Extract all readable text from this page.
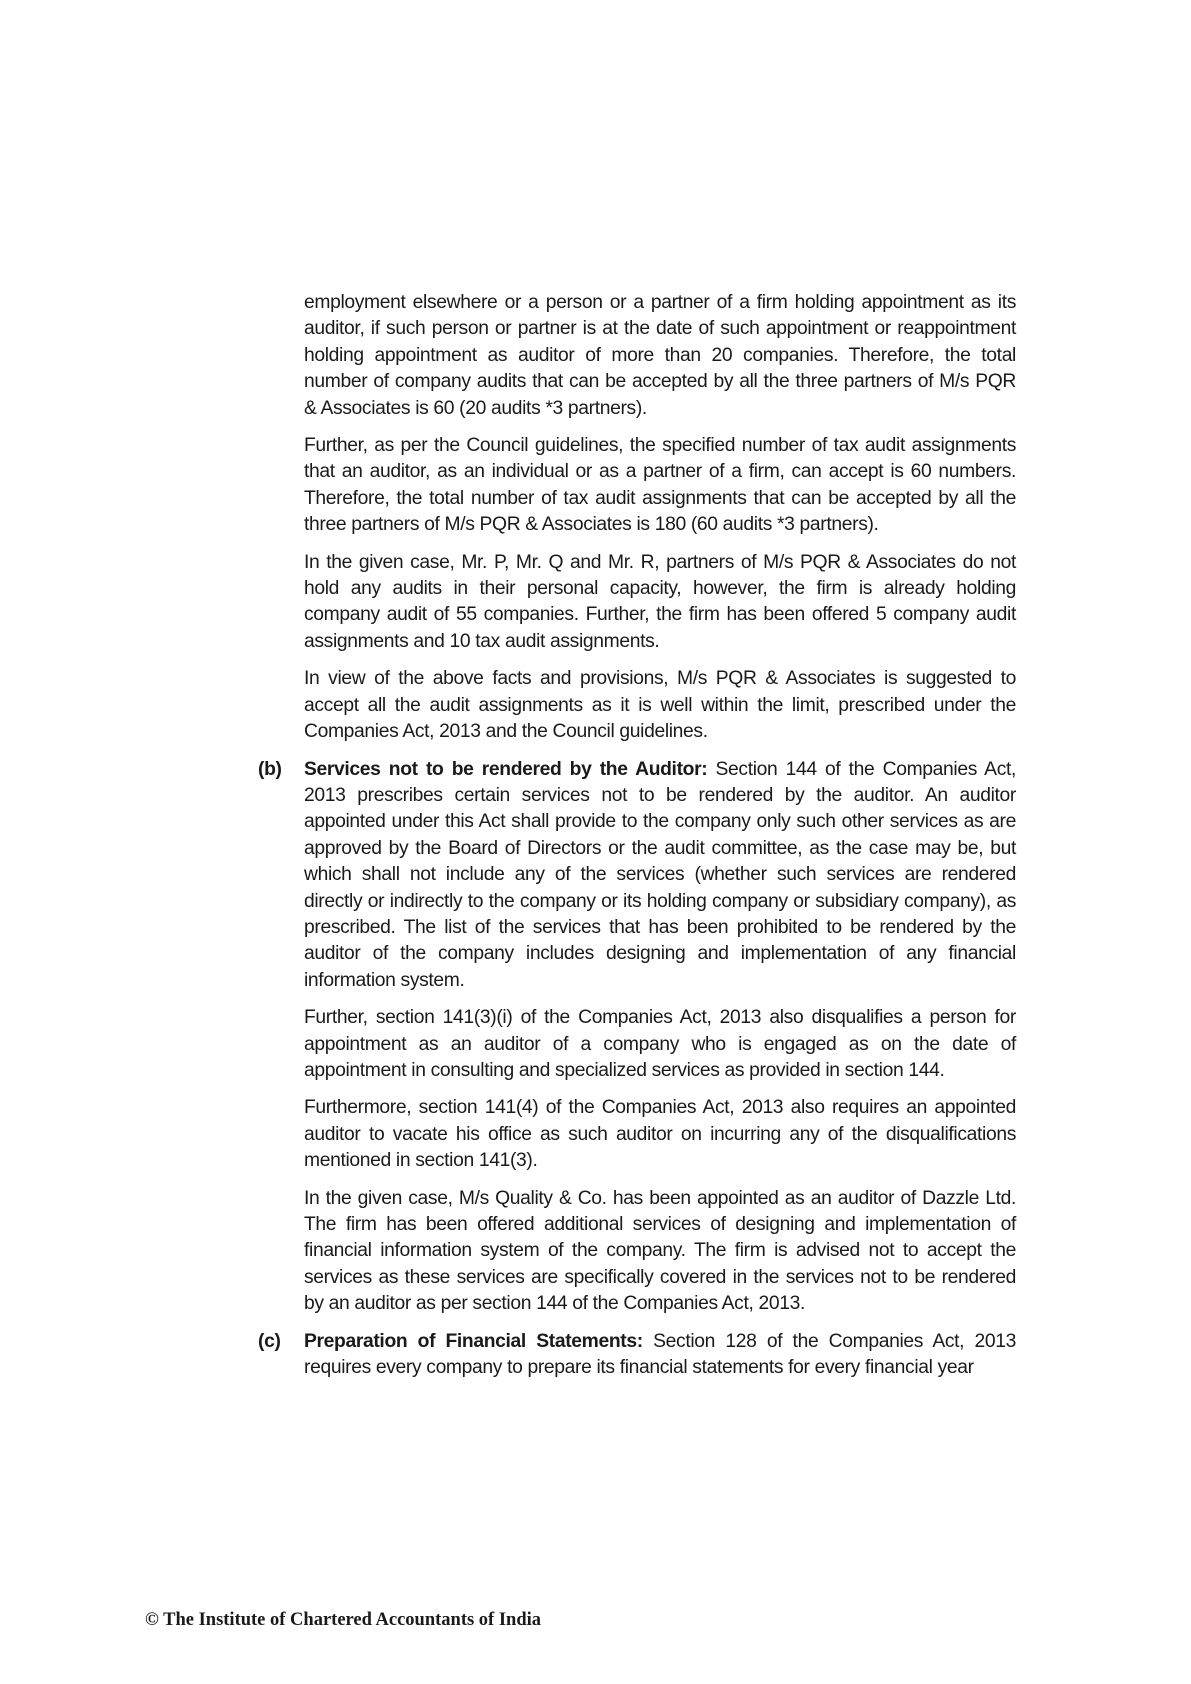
employment elsewhere or a person or a partner of a firm holding appointment as its auditor, if such person or partner is at the date of such appointment or reappointment holding appointment as auditor of more than 20 companies. Therefore, the total number of company audits that can be accepted by all the three partners of M/s PQR & Associates is 60 (20 audits *3 partners).

Further, as per the Council guidelines, the specified number of tax audit assignments that an auditor, as an individual or as a partner of a firm, can accept is 60 numbers. Therefore, the total number of tax audit assignments that can be accepted by all the three partners of M/s PQR & Associates is 180 (60 audits *3 partners).

In the given case, Mr. P, Mr. Q and Mr. R, partners of M/s PQR & Associates do not hold any audits in their personal capacity, however, the firm is already holding company audit of 55 companies. Further, the firm has been offered 5 company audit assignments and 10 tax audit assignments.

In view of the above facts and provisions, M/s PQR & Associates is suggested to accept all the audit assignments as it is well within the limit, prescribed under the Companies Act, 2013 and the Council guidelines.

(b) Services not to be rendered by the Auditor: Section 144 of the Companies Act, 2013 prescribes certain services not to be rendered by the auditor. An auditor appointed under this Act shall provide to the company only such other services as are approved by the Board of Directors or the audit committee, as the case may be, but which shall not include any of the services (whether such services are rendered directly or indirectly to the company or its holding company or subsidiary company), as prescribed. The list of the services that has been prohibited to be rendered by the auditor of the company includes designing and implementation of any financial information system.

Further, section 141(3)(i) of the Companies Act, 2013 also disqualifies a person for appointment as an auditor of a company who is engaged as on the date of appointment in consulting and specialized services as provided in section 144.

Furthermore, section 141(4) of the Companies Act, 2013 also requires an appointed auditor to vacate his office as such auditor on incurring any of the disqualifications mentioned in section 141(3).

In the given case, M/s Quality & Co. has been appointed as an auditor of Dazzle Ltd. The firm has been offered additional services of designing and implementation of financial information system of the company. The firm is advised not to accept the services as these services are specifically covered in the services not to be rendered by an auditor as per section 144 of the Companies Act, 2013.

(c) Preparation of Financial Statements: Section 128 of the Companies Act, 2013 requires every company to prepare its financial statements for every financial year

© The Institute of Chartered Accountants of India
